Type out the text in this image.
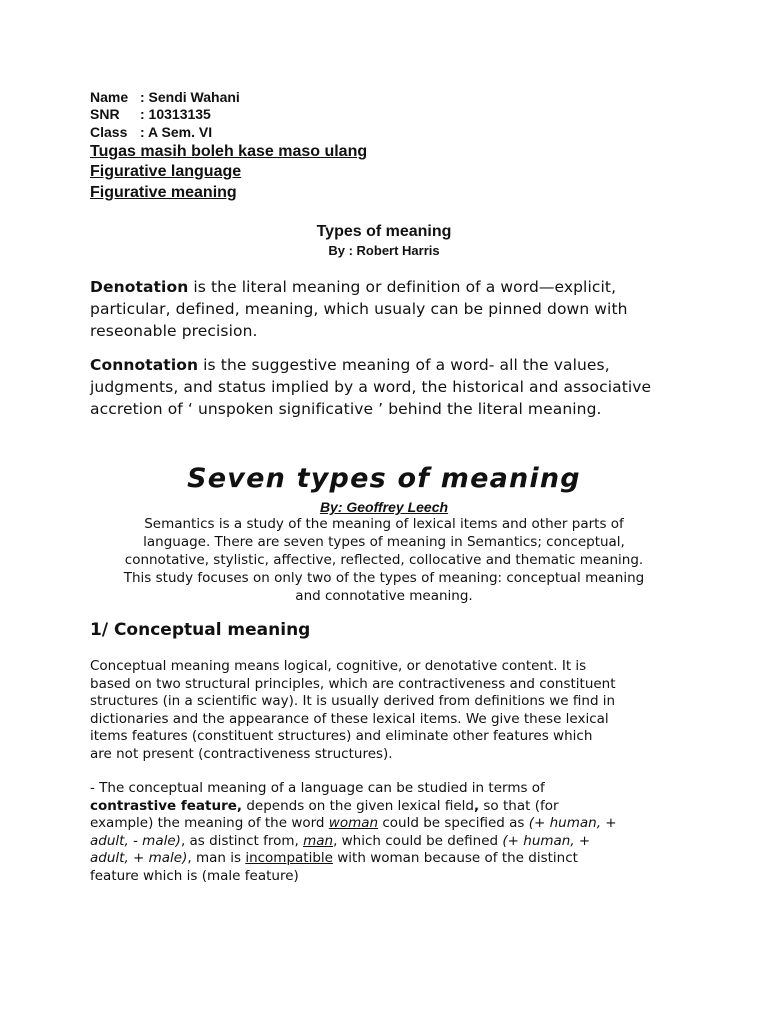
Name : Sendi Wahani
SNR : 10313135
Class : A Sem. VI
Tugas masih boleh kase maso ulang
Figurative language
Figurative meaning
Types of meaning
By : Robert Harris
Denotation is the literal meaning or definition of a word—explicit,
particular, defined, meaning, which usualy can be pinned down with
reseonable precision.
Connotation is the suggestive meaning of a word- all the values,
judgments, and status implied by a word, the historical and associative
accretion of ‘ unspoken significative ’ behind the literal meaning.
Seven types of meaning
By: Geoffrey Leech
Semantics is a study of the meaning of lexical items and other parts of
language. There are seven types of meaning in Semantics; conceptual,
connotative, stylistic, affective, reflected, collocative and thematic meaning.
This study focuses on only two of the types of meaning: conceptual meaning
and connotative meaning.
1/ Conceptual meaning
Conceptual meaning means logical, cognitive, or denotative content. It is
based on two structural principles, which are contractiveness and constituent
structures (in a scientific way). It is usually derived from definitions we find in
dictionaries and the appearance of these lexical items. We give these lexical
items features (constituent structures) and eliminate other features which
are not present (contractiveness structures).
- The conceptual meaning of a language can be studied in terms of
contrastive feature, depends on the given lexical field, so that (for
example) the meaning of the word woman could be specified as (+ human, +
adult, - male), as distinct from, man, which could be defined (+ human, +
adult, + male), man is incompatible with woman because of the distinct
feature which is (male feature)
